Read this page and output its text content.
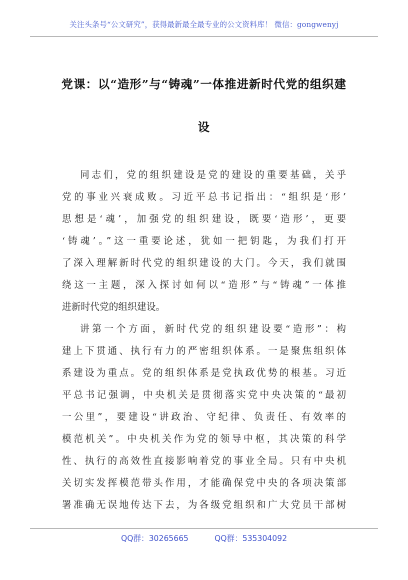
关注头条号“公文研究”，获得最新最全最专业的公文资料库！ 微信：gongwenyj
党课：以“造形”与“铸魂”一体推进新时代党的组织建
设
同志们，党的组织建设是党的建设的重要基础，关乎
党的事业兴衰成败。习近平总书记指出：“组织是‘形’
思想是‘魂’，加强党的组织建设，既要‘造形’，更要
‘铸魂’。”这一重要论述，犹如一把钥匙，为我们打开
了深入理解新时代党的组织建设的大门。今天，我们就围
绕这一主题，深入探讨如何以“造形”与“铸魂”一体推
进新时代党的组织建设。
讲第一个方面，新时代党的组织建设要“造形”：构
建上下贯通、执行有力的严密组织体系。一是聚焦组织体
系建设为重点。党的组织体系是党执政优势的根基。习近
平总书记强调，中央机关是贯彻落实党中央决策的“最初
一公里”，要建设“讲政治、守纪律、负责任、有效率的
模范机关”。中央机关作为党的领导中枢，其决策的科学
性、执行的高效性直接影响着党的事业全局。只有中央机
关切实发挥模范带头作用，才能确保党中央的各项决策部
署准确无误地传达下去，为各级党组织和广大党员干部树
QQ群：30265665	QQ群：535304092
